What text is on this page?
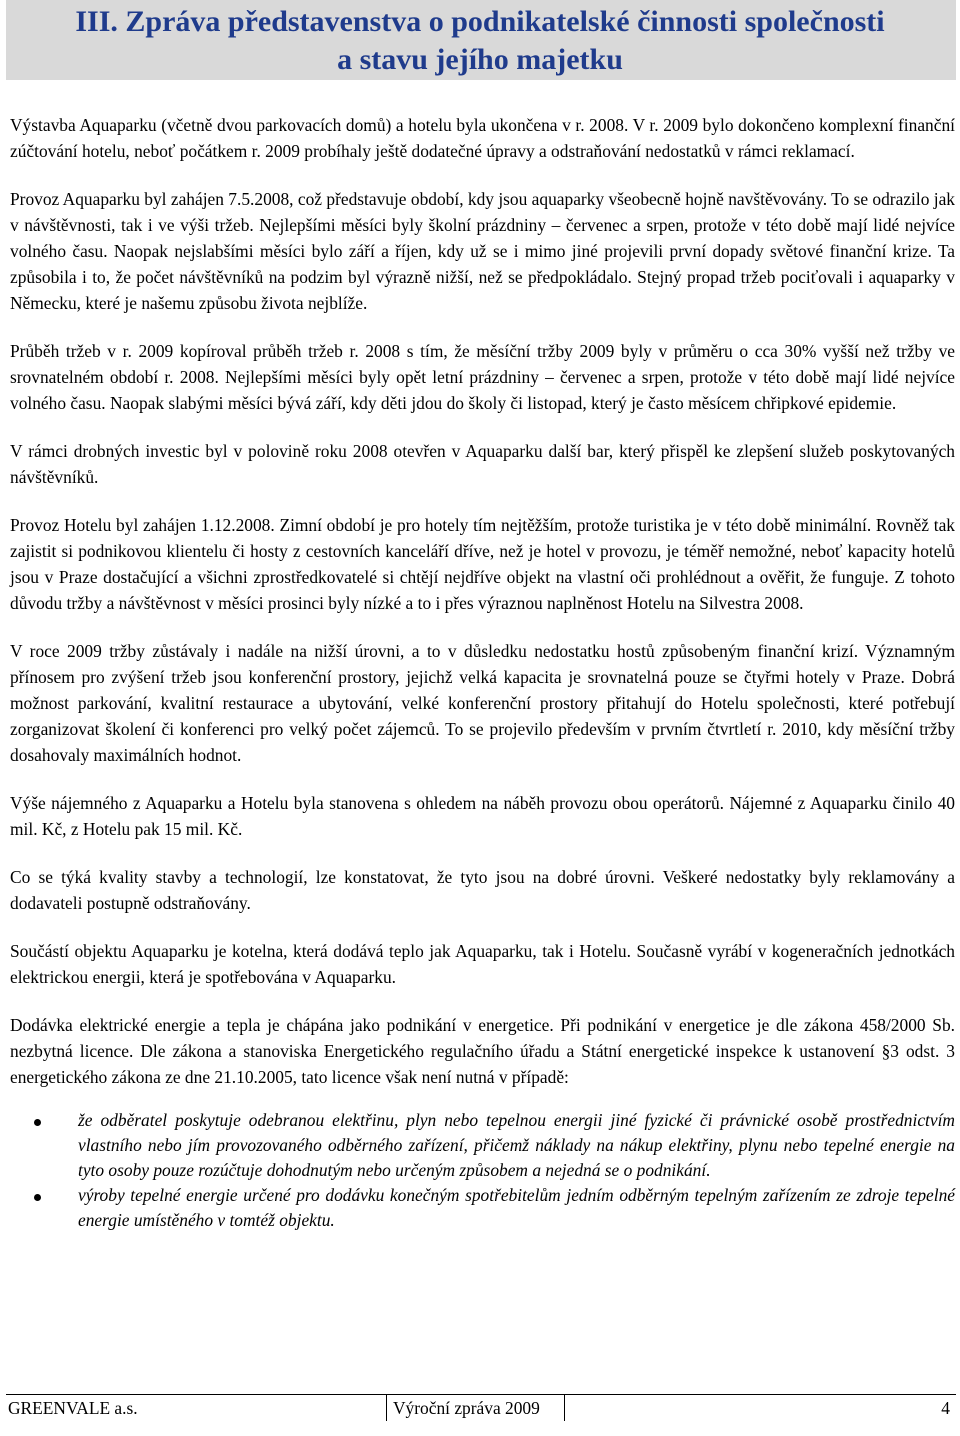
III. Zpráva představenstva o podnikatelské činnosti společnosti
a stavu jejího majetku

Výstavba Aquaparku (včetně dvou parkovacích domů) a hotelu byla ukončena v r. 2008. V r. 2009 bylo dokončeno komplexní finanční zúčtování hotelu, neboť počátkem r. 2009 probíhaly ještě dodatečné úpravy a odstraňování nedostatků v rámci reklamací.

Provoz Aquaparku byl zahájen 7.5.2008, což představuje období, kdy jsou aquaparky všeobecně hojně navštěvovány. To se odrazilo jak v návštěvnosti, tak i ve výši tržeb. Nejlepšími měsíci byly školní prázdniny – červenec a srpen, protože v této době mají lidé nejvíce volného času. Naopak nejslabšími měsíci bylo září a říjen, kdy už se i mimo jiné projevili první dopady světové finanční krize. Ta způsobila i to, že počet návštěvníků na podzim byl výrazně nižší, než se předpokládalo. Stejný propad tržeb pociťovali i aquaparky v Německu, které je našemu způsobu života nejblíže.

Průběh tržeb v r. 2009 kopíroval průběh tržeb r. 2008 s tím, že měsíční tržby 2009 byly v průměru o cca 30% vyšší než tržby ve srovnatelném období r. 2008. Nejlepšími měsíci byly opět letní prázdniny – červenec a srpen, protože v této době mají lidé nejvíce volného času. Naopak slabými měsíci bývá září, kdy děti jdou do školy či listopad, který je často měsícem chřipkové epidemie.

V rámci drobných investic byl v polovině roku 2008 otevřen v Aquaparku další bar, který přispěl ke zlepšení služeb poskytovaných návštěvníků.

Provoz Hotelu byl zahájen 1.12.2008. Zimní období je pro hotely tím nejtěžším, protože turistika je v této době minimální. Rovněž tak zajistit si podnikovou klientelu či hosty z cestovních kanceláří dříve, než je hotel v provozu, je téměř nemožné, neboť kapacity hotelů jsou v Praze dostačující a všichni zprostředkovatelé si chtějí nejdříve objekt na vlastní oči prohlédnout a ověřit, že funguje. Z tohoto důvodu tržby a návštěvnost v měsíci prosinci byly nízké a to i přes výraznou naplněnost Hotelu na Silvestra 2008.

V roce 2009 tržby zůstávaly i nadále na nižší úrovni, a to v důsledku nedostatku hostů způsobeným finanční krizí. Významným přínosem pro zvýšení tržeb jsou konferenční prostory, jejichž velká kapacita je srovnatelná pouze se čtyřmi hotely v Praze. Dobrá možnost parkování, kvalitní restaurace a ubytování, velké konferenční prostory přitahují do Hotelu společnosti, které potřebují zorganizovat školení či konferenci pro velký počet zájemců. To se projevilo především v prvním čtvrtletí r. 2010, kdy měsíční tržby dosahovaly maximálních hodnot.

Výše nájemného z Aquaparku a Hotelu byla stanovena s ohledem na náběh provozu obou operátorů. Nájemné z Aquaparku činilo 40 mil. Kč, z Hotelu pak 15 mil. Kč.

Co se týká kvality stavby a technologií, lze konstatovat, že tyto jsou na dobré úrovni. Veškeré nedostatky byly reklamovány a dodavateli postupně odstraňovány.

Součástí objektu Aquaparku je kotelna, která dodává teplo jak Aquaparku, tak i Hotelu. Současně vyrábí v kogeneračních jednotkách elektrickou energii, která je spotřebována v Aquaparku.

Dodávka elektrické energie a tepla je chápána jako podnikání v energetice. Při podnikání v energetice je dle zákona 458/2000 Sb. nezbytná licence. Dle zákona a stanoviska Energetického regulačního úřadu a Státní energetické inspekce k ustanovení §3 odst. 3 energetického zákona ze dne 21.10.2005, tato licence však není nutná v případě:

že odběratel poskytuje odebranou elektřinu, plyn nebo tepelnou energii jiné fyzické či právnické osobě prostřednictvím vlastního nebo jím provozovaného odběrného zařízení, přičemž náklady na nákup elektřiny, plynu nebo tepelné energie na tyto osoby pouze rozúčtuje dohodnutým nebo určeným způsobem a nejedná se o podnikání.
výroby tepelné energie určené pro dodávku konečným spotřebitelům jedním odběrným tepelným zařízením ze zdroje tepelné energie umístěného v tomtéž objektu.
GREENVALE a.s.	Výroční zpráva 2009	4
